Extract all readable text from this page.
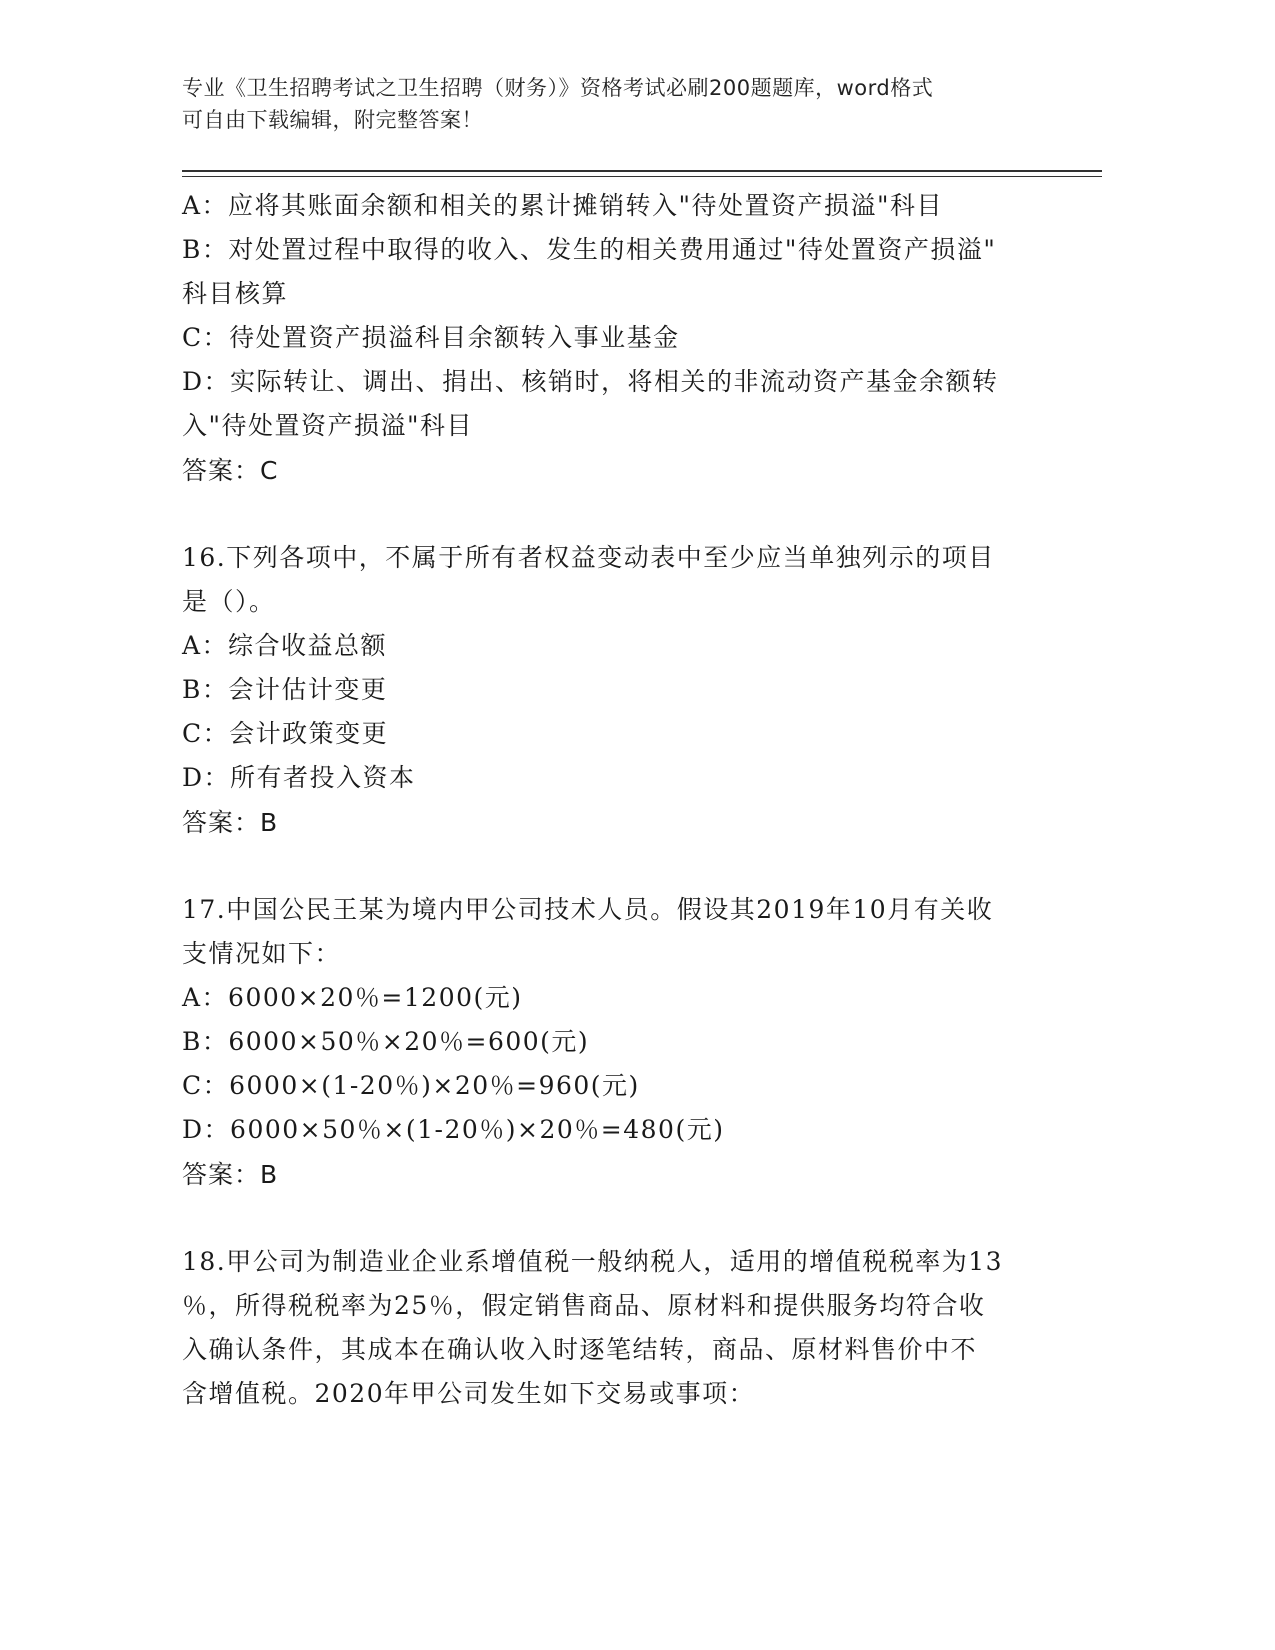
专业《卫生招聘考试之卫生招聘（财务）》资格考试必刷200题题库，word格式
可自由下载编辑，附完整答案！
A：应将其账面余额和相关的累计摊销转入"待处置资产损溢"科目
B：对处置过程中取得的收入、发生的相关费用通过"待处置资产损溢"
科目核算
C：待处置资产损溢科目余额转入事业基金
D：实际转让、调出、捐出、核销时，将相关的非流动资产基金余额转
入"待处置资产损溢"科目
答案：C
16.下列各项中，不属于所有者权益变动表中至少应当单独列示的项目
是（）。
A：综合收益总额
B：会计估计变更
C：会计政策变更
D：所有者投入资本
答案：B
17.中国公民王某为境内甲公司技术人员。假设其2019年10月有关收
支情况如下：
A：6000×20％=1200(元)
B：6000×50％×20％=600(元)
C：6000×(1-20％)×20％=960(元)
D：6000×50％×(1-20％)×20％=480(元)
答案：B
18.甲公司为制造业企业系增值税一般纳税人，适用的增值税税率为13
％，所得税税率为25％，假定销售商品、原材料和提供服务均符合收
入确认条件，其成本在确认收入时逐笔结转，商品、原材料售价中不
含增值税。2020年甲公司发生如下交易或事项：
